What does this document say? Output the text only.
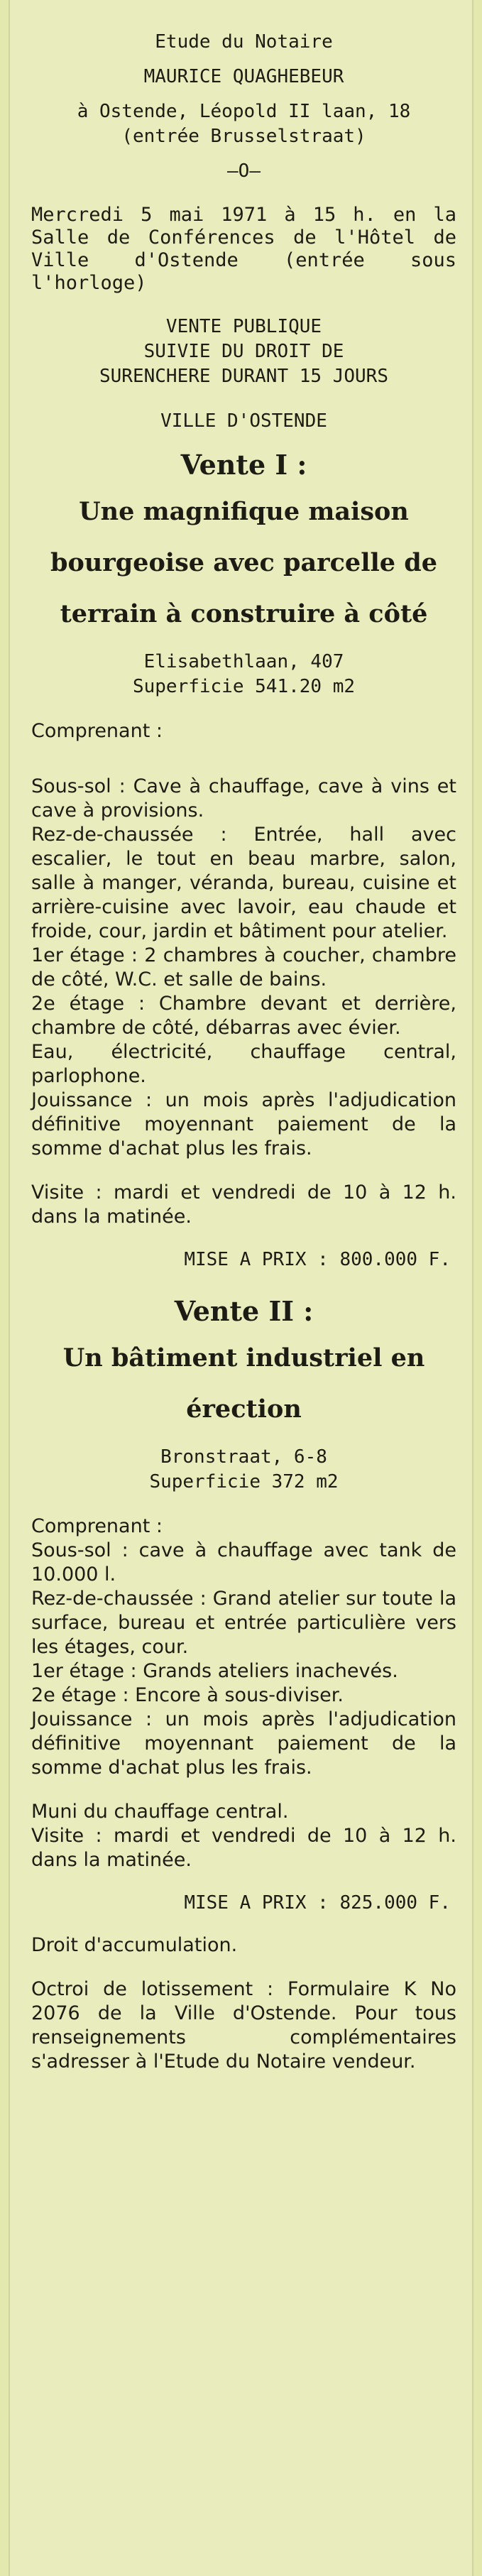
Etude du Notaire
MAURICE QUAGHEBEUR
à Ostende, Léopold II laan, 18
(entrée Brusselstraat)
—O—
Mercredi 5 mai 1971 à 15 h. en la Salle de Conférences de l'Hôtel de Ville d'Ostende (entrée sous l'horloge)
VENTE PUBLIQUE
SUIVIE DU DROIT DE
SURENCHERE DURANT 15 JOURS
VILLE D'OSTENDE
Vente I :
Une magnifique maison
bourgeoise avec parcelle de
terrain à construire à côté
Elisabethlaan, 407
Superficie 541.20 m2

Comprenant :

Sous-sol : Cave à chauffage, cave à vins et cave à provisions.

Rez-de-chaussée : Entrée, hall avec escalier, le tout en beau marbre, salon, salle à manger, véranda, bureau, cuisine et arrière-cuisine avec lavoir, eau chaude et froide, cour, jardin et bâtiment pour atelier.

1er étage : 2 chambres à coucher, chambre de côté, W.C. et salle de bains.

2e étage : Chambre devant et derrière, chambre de côté, débarras avec évier.

Eau, électricité, chauffage central, parlophone.

Jouissance : un mois après l'adjudication définitive moyennant paiement de la somme d'achat plus les frais.

Visite : mardi et vendredi de 10 à 12 h. dans la matinée.

MISE A PRIX : 800.000 F.
Vente II :
Un bâtiment industriel en
érection
Bronstraat, 6-8
Superficie 372 m2

Comprenant :

Sous-sol : cave à chauffage avec tank de 10.000 l.

Rez-de-chaussée : Grand atelier sur toute la surface, bureau et entrée particulière vers les étages, cour.

1er étage : Grands ateliers inachevés.

2e étage : Encore à sous-diviser.

Jouissance : un mois après l'adjudication définitive moyennant paiement de la somme d'achat plus les frais.

Muni du chauffage central.

Visite : mardi et vendredi de 10 à 12 h. dans la matinée.

MISE A PRIX : 825.000 F.

Droit d'accumulation.

Octroi de lotissement : Formulaire K No 2076 de la Ville d'Ostende. Pour tous renseignements complémentaires s'adresser à l'Etude du Notaire vendeur.
